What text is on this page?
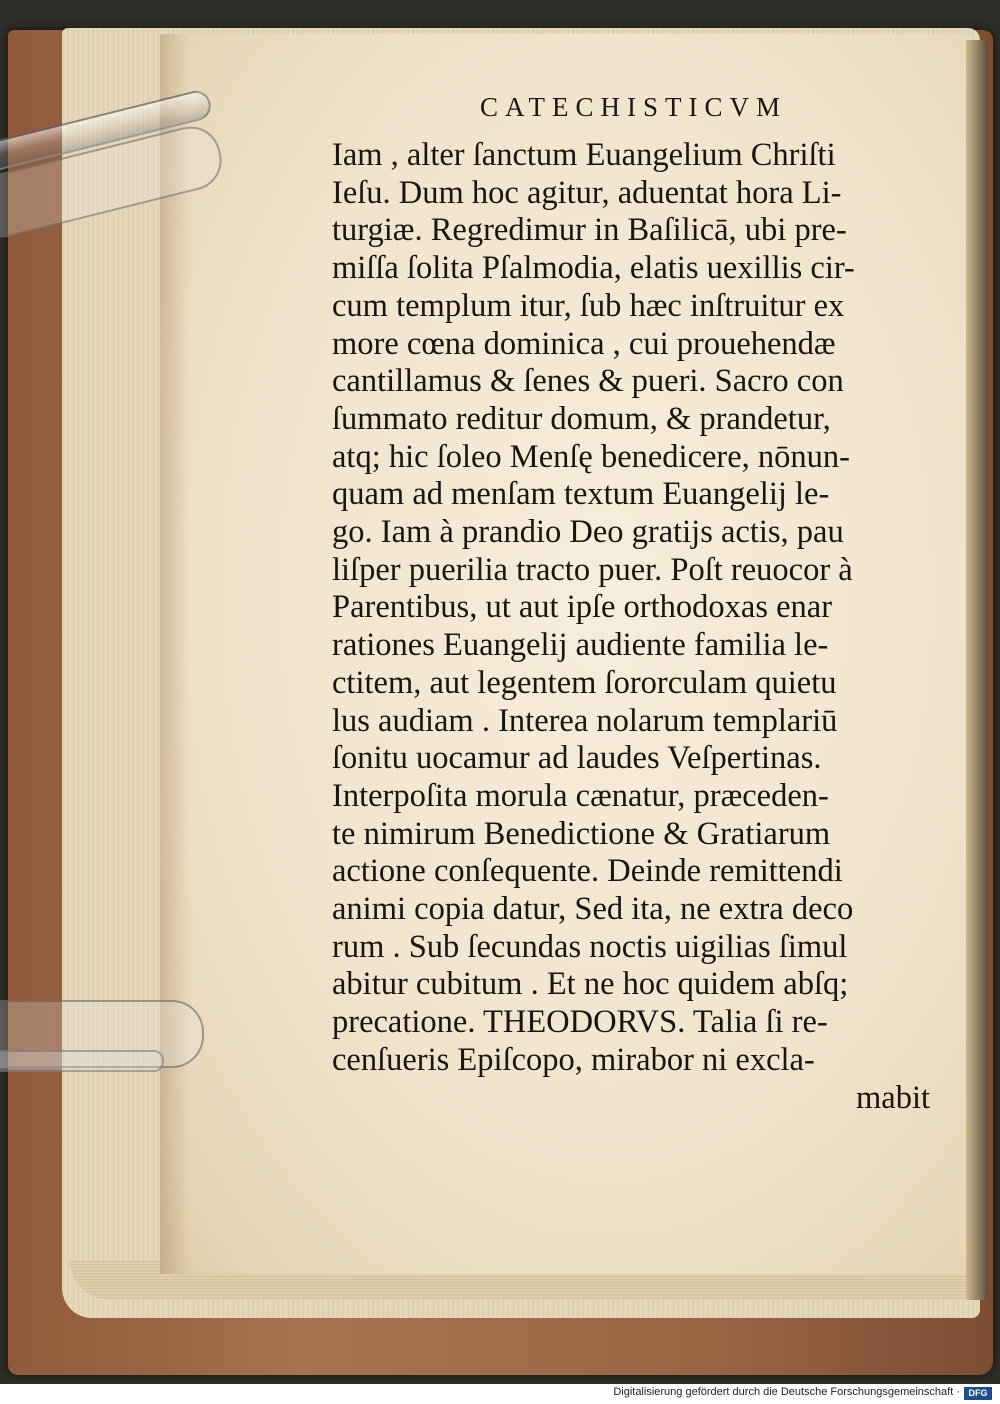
CATECHISTICVM
Iam , alter ſanctum Euangelium Chriſti
Ieſu. Dum hoc agitur, aduentat hora Li-
turgiæ. Regredimur in Baſilicā, ubi pre-
miſſa ſolita Pſalmodia, elatis uexillis cir-
cum templum itur, ſub hæc inſtruitur ex
more cœna dominica , cui prouehendæ
cantillamus & ſenes & pueri. Sacro con
ſummato reditur domum, & prandetur,
atq; hic ſoleo Menſę benedicere, nōnun-
quam ad menſam textum Euangelij le-
go. Iam à prandio Deo gratijs actis, pau
liſper puerilia tracto puer. Poſt reuocor à
Parentibus, ut aut ipſe orthodoxas enar
rationes Euangelij audiente familia le-
ctitem, aut legentem ſororculam quietu
lus audiam . Interea nolarum templariū
ſonitu uocamur ad laudes Veſpertinas.
Interpoſita morula cænatur, præceden-
te nimirum Benedictione & Gratiarum
actione conſequente. Deinde remittendi
animi copia datur, Sed ita, ne extra deco
rum . Sub ſecundas noctis uigilias ſimul
abitur cubitum . Et ne hoc quidem abſq;
precatione. THEODORVS. Talia ſi re-
cenſueris Epiſcopo, mirabor ni excla-
mabit
Digitalisierung gefördert durch die Deutsche Forschungsgemeinschaft · DFG
